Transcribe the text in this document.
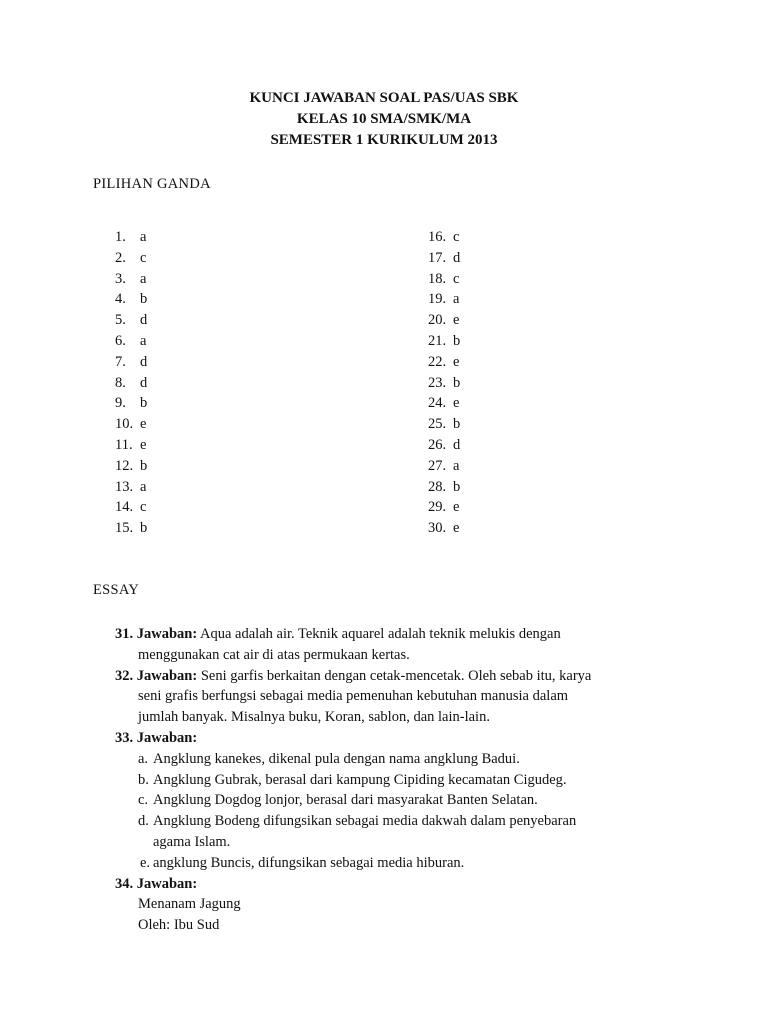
KUNCI JAWABAN SOAL PAS/UAS SBK
KELAS 10 SMA/SMK/MA
SEMESTER 1 KURIKULUM 2013
PILIHAN GANDA
1. a
2. c
3. a
4. b
5. d
6. a
7. d
8. d
9. b
10. e
11. e
12. b
13. a
14. c
15. b
16. c
17. d
18. c
19. a
20. e
21. b
22. e
23. b
24. e
25. b
26. d
27. a
28. b
29. e
30. e
ESSAY
31. Jawaban: Aqua adalah air. Teknik aquarel adalah teknik melukis dengan
menggunakan cat air di atas permukaan kertas.
32. Jawaban: Seni garfis berkaitan dengan cetak-mencetak. Oleh sebab itu, karya
seni grafis berfungsi sebagai media pemenuhan kebutuhan manusia dalam
jumlah banyak. Misalnya buku, Koran, sablon, dan lain-lain.
33. Jawaban:
a. Angklung kanekes, dikenal pula dengan nama angklung Badui.
b. Angklung Gubrak, berasal dari kampung Cipiding kecamatan Cigudeg.
c. Angklung Dogdog lonjor, berasal dari masyarakat Banten Selatan.
d. Angklung Bodeng difungsikan sebagai media dakwah dalam penyebaran
agama Islam.
e. angklung Buncis, difungsikan sebagai media hiburan.
34. Jawaban:
Menanam Jagung
Oleh: Ibu Sud
